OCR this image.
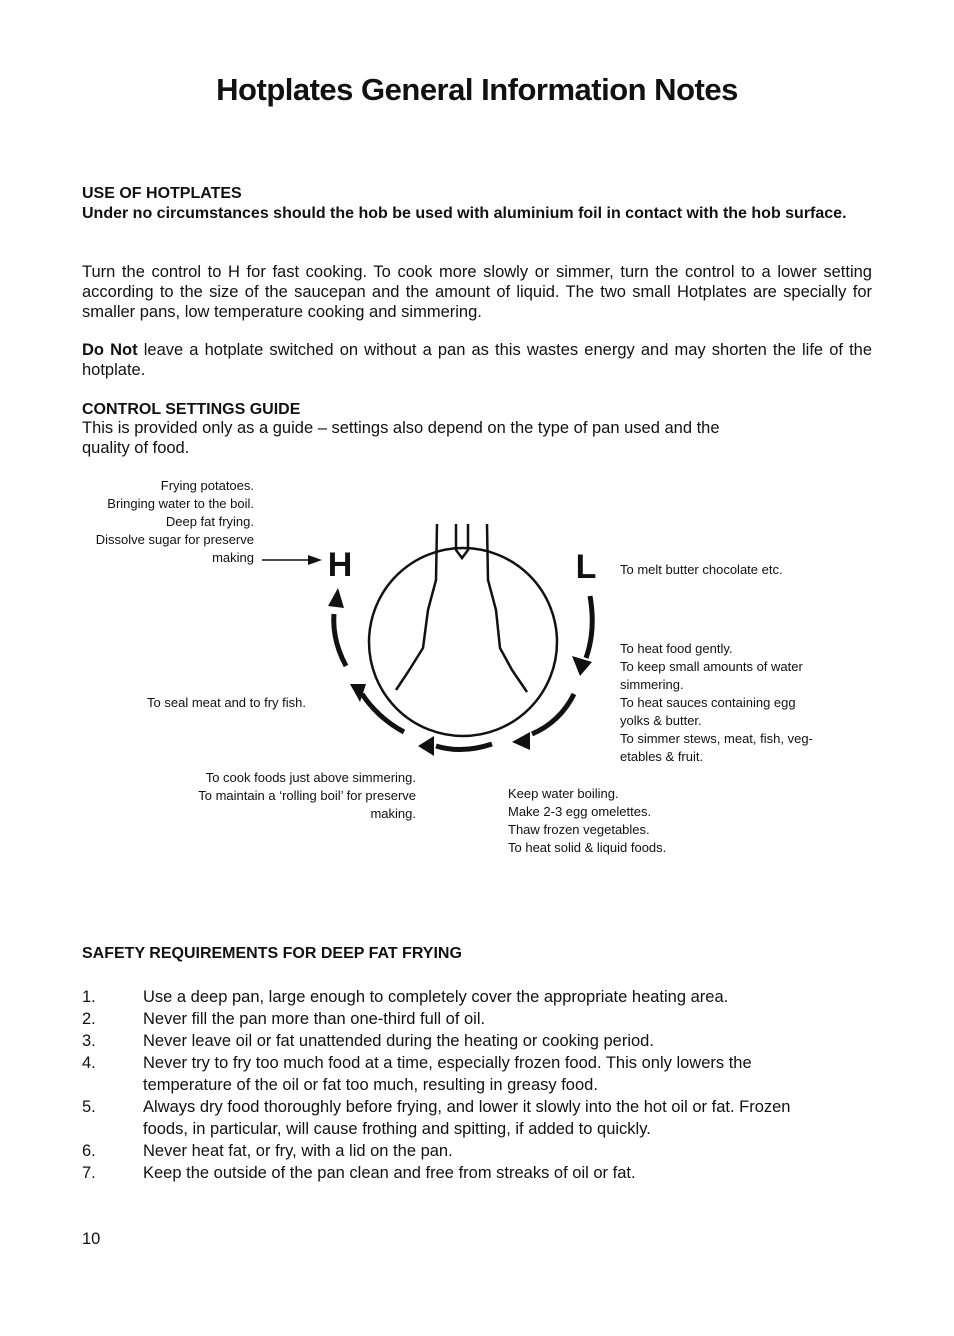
Hotplates General Information Notes
USE OF HOTPLATES
Under no circumstances should the hob be used with aluminium foil in contact with the hob surface.
Turn the control to H for fast cooking. To cook more slowly or simmer, turn the control to a lower setting according to the size of the saucepan and the amount of liquid. The two small Hotplates are specially for smaller pans, low temperature cooking and simmering.
Do Not leave a hotplate switched on without a pan as this wastes energy and may shorten the life of the hotplate.
CONTROL SETTINGS GUIDE
This is provided only as a guide – settings also depend on the type of pan used and the
quality of food.
H	L
Frying potatoes.
Bringing water to the boil.
Deep fat frying.
Dissolve sugar for preserve
making
To melt butter chocolate etc.
To heat food gently.
To keep small amounts of water
simmering.
To heat sauces containing egg
yolks & butter.
To simmer stews, meat, fish, veg-
etables & fruit.
To seal meat and to fry fish.
To cook foods just above simmering.
To maintain a ‘rolling boil’ for preserve
making.
Keep water boiling.
Make 2-3 egg omelettes.
Thaw frozen vegetables.
To heat solid & liquid foods.
SAFETY REQUIREMENTS FOR DEEP FAT FRYING
1.	Use a deep pan, large enough to completely cover the appropriate heating area.
2.	Never fill the pan more than one-third full of oil.
3.	Never leave oil or fat unattended during the heating or cooking period.
4.	Never try to fry too much food at a time, especially frozen food. This only lowers the temperature of the oil or fat too much, resulting in greasy food.
5.	Always dry food thoroughly before frying, and lower it slowly into the hot oil or fat. Frozen foods, in particular, will cause frothing and spitting, if added to quickly.
6.	Never heat fat, or fry, with a lid on the pan.
7.	Keep the outside of the pan clean and free from streaks of oil or fat.
10
